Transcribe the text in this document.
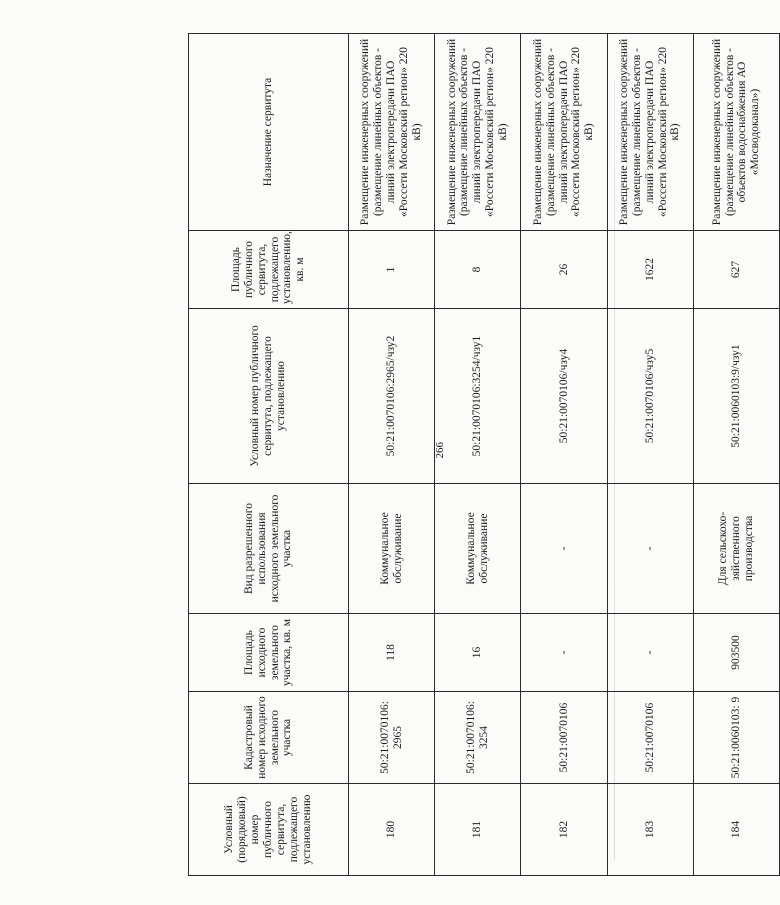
266
Условный (порядковый) номер публичного сервитута, подлежащего установлению	Кадастровый номер исходного земельного участка	Площадь исходного земельного участка, кв. м	Вид разрешенного использования исходного земельного участка	Условный номер публичного сервитута, подлежащего установлению	Площадь публичного сервитута, подлежащего установлению, кв. м	Назначение сервитута
180	50:21:0070106: 2965	118	Коммунальное обслуживание	50:21:0070106:2965/чзу2	1	Размещение инженерных сооружений (размещение линейных объектов - линий электропередачи ПАО «Россети Московский регион» 220 кВ)
181	50:21:0070106: 3254	16	Коммунальное обслуживание	50:21:0070106:3254/чзу1	8	Размещение инженерных сооружений (размещение линейных объектов - линий электропередачи ПАО «Россети Московский регион» 220 кВ)
182	50:21:0070106	-	-	50:21:0070106/чзу4	26	Размещение инженерных сооружений (размещение линейных объектов - линий электропередачи ПАО «Россети Московский регион» 220 кВ)
183	50:21:0070106	-	-	50:21:0070106/чзу5	1622	Размещение инженерных сооружений (размещение линейных объектов - линий электропередачи ПАО «Россети Московский регион» 220 кВ)
184	50:21:0060103: 9	903500	Для сельскохо- зяйственного производства	50:21:0060103:9/чзу1	627	Размещение инженерных сооружений (размещение линейных объектов - объектов водоснабжения АО «Мосводоканал»)
